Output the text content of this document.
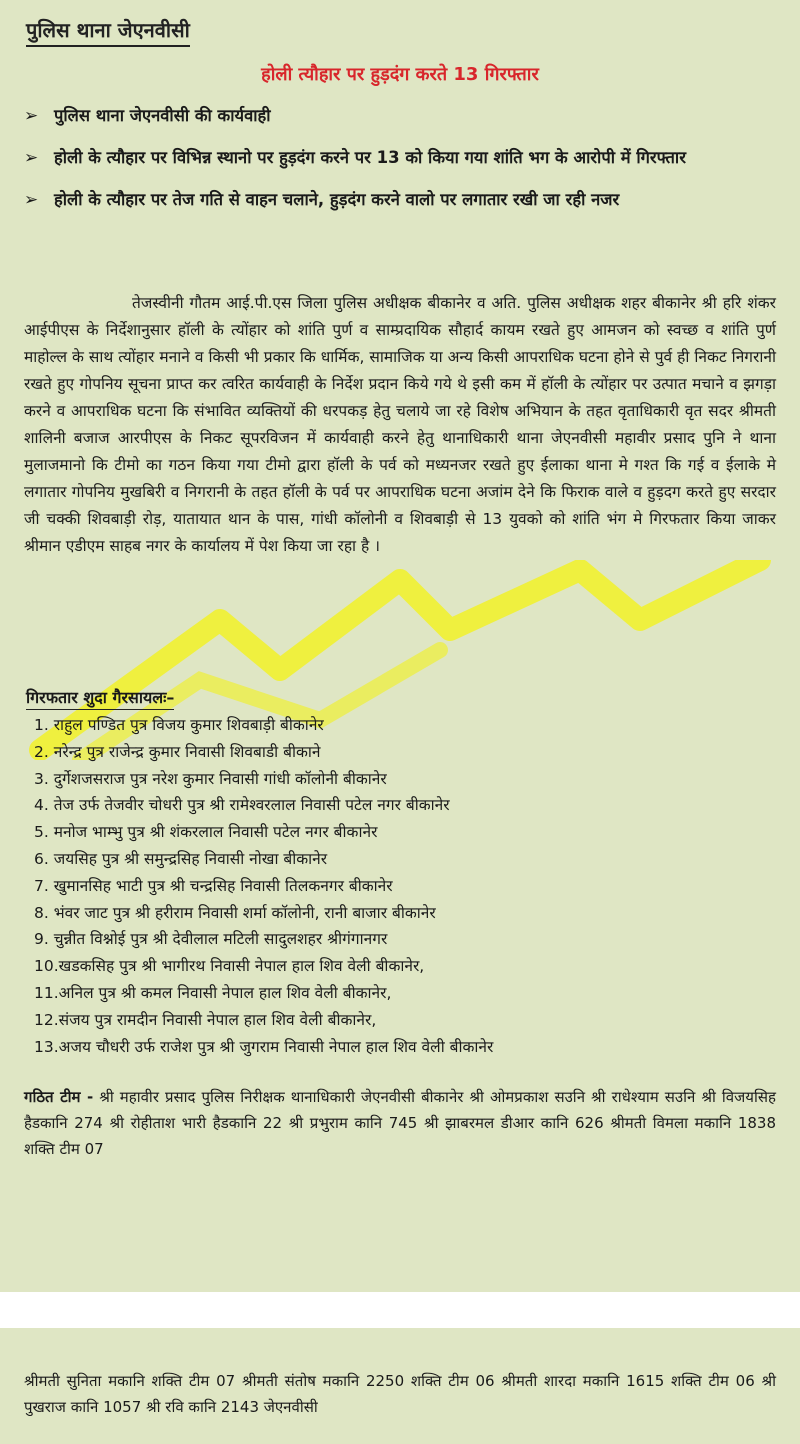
पुलिस थाना जेएनवीसी
होली त्यौहार पर हुड़दंग करते 13 गिरफ्तार
➢ पुलिस थाना जेएनवीसी की कार्यवाही
➢ होली के त्यौहार पर विभिन्न स्थानो पर हुड़दंग करने पर 13 को किया गया शांति भग के आरोपी में गिरफ्तार
➢ होली के त्यौहार पर तेज गति से वाहन चलाने, हुड़दंग करने वालो पर लगातार रखी जा रही नजर

तेजस्वीनी गौतम आई.पी.एस जिला पुलिस अधीक्षक बीकानेर व अति. पुलिस अधीक्षक शहर बीकानेर श्री हरि शंकर आईपीएस के निर्देशानुसार हॉली के त्योंहार को शांति पुर्ण व साम्प्रदायिक सौहार्द कायम रखते हुए आमजन को स्वच्छ व शांति पुर्ण माहोल्ल के साथ त्योंहार मनाने व किसी भी प्रकार कि धार्मिक, सामाजिक या अन्य किसी आपराधिक घटना होने से पुर्व ही निकट निगरानी रखते हुए गोपनिय सूचना प्राप्त कर त्वरित कार्यवाही के निर्देश प्रदान किये गये थे इसी कम में हॉली के त्योंहार पर उत्पात मचाने व झगड़ा करने व आपराधिक घटना कि संभावित व्यक्तियों की धरपकड़ हेतु चलाये जा रहे विशेष अभियान के तहत वृताधिकारी वृत सदर श्रीमती शालिनी बजाज आरपीएस के निकट सूपरविजन में कार्यवाही करने हेतु थानाधिकारी थाना जेएनवीसी महावीर प्रसाद पुनि ने थाना मुलाजमानो कि टीमो का गठन किया गया टीमो द्वारा हॉली के पर्व को मध्यनजर रखते हुए ईलाका थाना मे गश्त कि गई व ईलाके मे लगातार गोपनिय मुखबिरी व निगरानी के तहत हॉली के पर्व पर आपराधिक घटना अजांम देने कि फिराक वाले व हुड़दग करते हुए सरदार जी चक्की शिवबाड़ी रोड़, यातायात थान के पास, गांधी कॉलोनी व शिवबाड़ी से 13 युवको को शांति भंग मे गिरफतार किया जाकर श्रीमान एडीएम साहब नगर के कार्यालय में पेश किया जा रहा है ।

गिरफतार शुदा गैरसायलः–
1. राहुल पण्डित पुत्र विजय कुमार शिवबाड़ी बीकानेर
2. नरेन्द्र पुत्र राजेन्द्र कुमार निवासी शिवबाडी बीकाने
3. दुर्गेशजसराज पुत्र नरेश कुमार निवासी गांधी कॉलोनी बीकानेर
4. तेज उर्फ तेजवीर चोधरी पुत्र श्री रामेश्वरलाल निवासी पटेल नगर बीकानेर
5. मनोज भाम्भु पुत्र श्री शंकरलाल निवासी पटेल नगर बीकानेर
6. जयसिह पुत्र श्री समुन्द्रसिह निवासी नोखा बीकानेर
7. खुमानसिह भाटी पुत्र श्री चन्द्रसिह निवासी तिलकनगर बीकानेर
8. भंवर जाट पुत्र श्री हरीराम निवासी शर्मा कॉलोनी, रानी बाजार बीकानेर
9. चुन्नीत विश्नोई पुत्र श्री देवीलाल मटिली सादुलशहर श्रीगंगानगर
10.खडकसिह पुत्र श्री भागीरथ निवासी नेपाल हाल शिव वेली बीकानेर,
11.अनिल पुत्र श्री कमल निवासी नेपाल हाल शिव वेली बीकानेर,
12.संजय पुत्र रामदीन निवासी नेपाल हाल शिव वेली बीकानेर,
13.अजय चौधरी उर्फ राजेश पुत्र श्री जुगराम निवासी नेपाल हाल शिव वेली बीकानेर

गठित टीम - श्री महावीर प्रसाद पुलिस निरीक्षक थानाधिकारी जेएनवीसी बीकानेर श्री ओमप्रकाश सउनि श्री राधेश्याम सउनि श्री विजयसिह हैडकानि 274 श्री रोहीताश भारी हैडकानि 22 श्री प्रभुराम कानि 745 श्री झाबरमल डीआर कानि 626 श्रीमती विमला मकानि 1838 शक्ति टीम 07

श्रीमती सुनिता मकानि शक्ति टीम 07 श्रीमती संतोष मकानि 2250 शक्ति टीम 06 श्रीमती शारदा मकानि 1615 शक्ति टीम 06 श्री पुखराज कानि 1057 श्री रवि कानि 2143 जेएनवीसी
